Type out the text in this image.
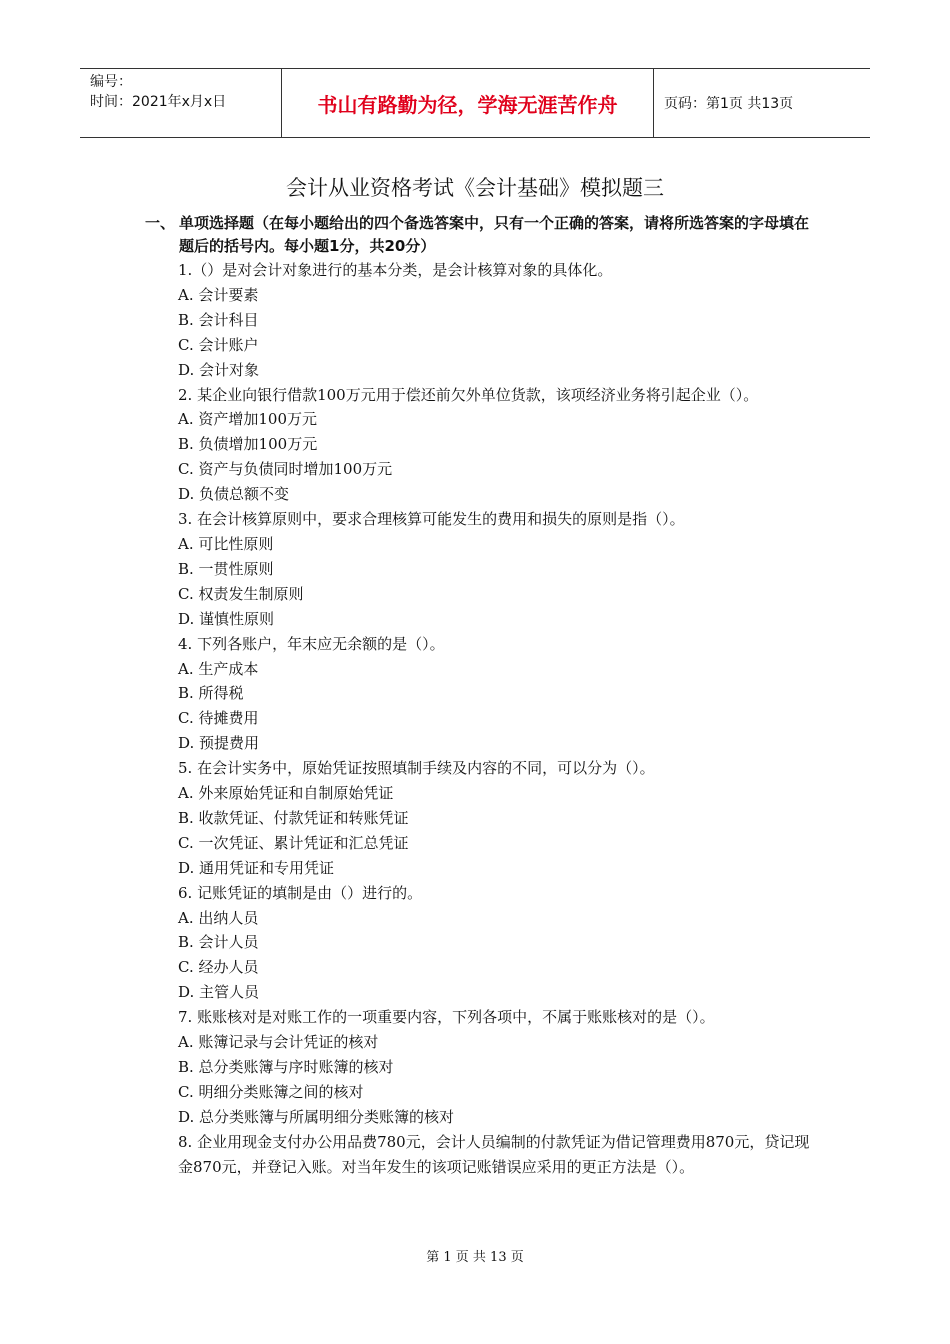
编号：
时间：2021年x月x日	书山有路勤为径，学海无涯苦作舟	页码：第1页 共13页
会计从业资格考试《会计基础》模拟题三
一、 单项选择题（在每小题给出的四个备选答案中，只有一个正确的答案，请将所选答案的字母填在题后的括号内。每小题1分，共20分）
1.（）是对会计对象进行的基本分类，是会计核算对象的具体化。
A. 会计要素
B. 会计科目
C. 会计账户
D. 会计对象
2. 某企业向银行借款100万元用于偿还前欠外单位货款，该项经济业务将引起企业（）。
A. 资产增加100万元
B. 负债增加100万元
C. 资产与负债同时增加100万元
D. 负债总额不变
3. 在会计核算原则中，要求合理核算可能发生的费用和损失的原则是指（）。
A. 可比性原则
B. 一贯性原则
C. 权责发生制原则
D. 谨慎性原则
4. 下列各账户，年末应无余额的是（）。
A. 生产成本
B. 所得税
C. 待摊费用
D. 预提费用
5. 在会计实务中，原始凭证按照填制手续及内容的不同，可以分为（）。
A. 外来原始凭证和自制原始凭证
B. 收款凭证、付款凭证和转账凭证
C. 一次凭证、累计凭证和汇总凭证
D. 通用凭证和专用凭证
6. 记账凭证的填制是由（）进行的。
A. 出纳人员
B. 会计人员
C. 经办人员
D. 主管人员
7. 账账核对是对账工作的一项重要内容，下列各项中，不属于账账核对的是（）。
A. 账簿记录与会计凭证的核对
B. 总分类账簿与序时账簿的核对
C. 明细分类账簿之间的核对
D. 总分类账簿与所属明细分类账簿的核对
8. 企业用现金支付办公用品费780元，会计人员编制的付款凭证为借记管理费用870元，贷记现金870元，并登记入账。对当年发生的该项记账错误应采用的更正方法是（）。
第 1 页 共 13 页
